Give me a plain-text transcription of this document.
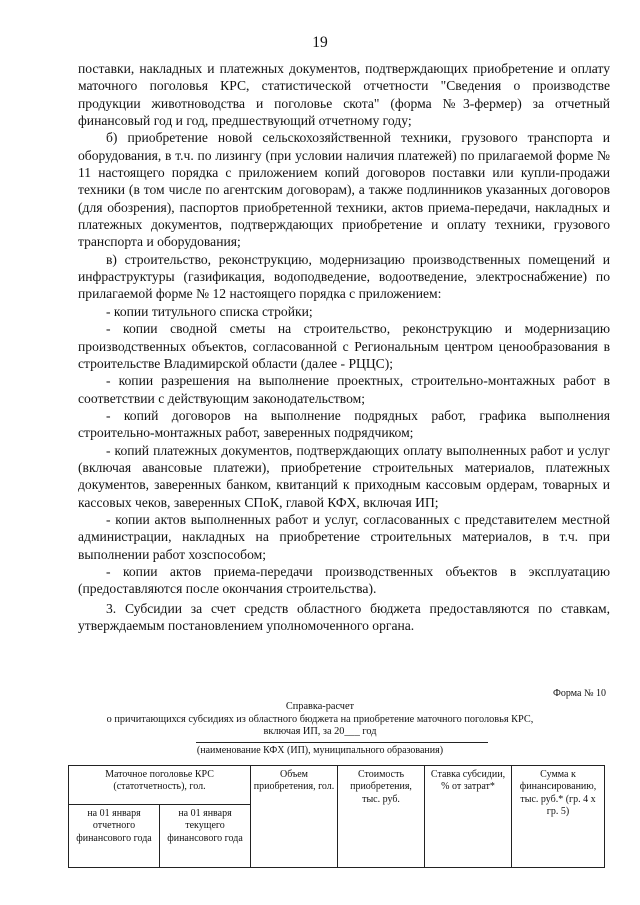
19

поставки, накладных и платежных документов, подтверждающих приобретение и оплату маточного поголовья КРС, статистической отчетности "Сведения о производстве продукции животноводства и поголовье скота" (форма №3-фермер) за отчетный финансовый год и год, предшествующий отчетному году;

б) приобретение новой сельскохозяйственной техники, грузового транспорта и оборудования, в т.ч. по лизингу (при условии наличия платежей) по прилагаемой форме № 11 настоящего порядка с приложением копий договоров поставки или купли-продажи техники (в том числе по агентским договорам), а также подлинников указанных договоров (для обозрения), паспортов приобретенной техники, актов приема-передачи, накладных и платежных документов, подтверждающих приобретение и оплату техники, грузового транспорта и оборудования;

в) строительство, реконструкцию, модернизацию производственных помещений и инфраструктуры (газификация, водоподведение, водоотведение, электроснабжение) по прилагаемой форме № 12 настоящего порядка с приложением:

- копии титульного списка стройки;

- копии сводной сметы на строительство, реконструкцию и модернизацию производственных объектов, согласованной с Региональным центром ценообразования в строительстве Владимирской области (далее - РЦЦС);

- копии разрешения на выполнение проектных, строительно-монтажных работ в соответствии с действующим законодательством;

- копий договоров на выполнение подрядных работ, графика выполнения строительно-монтажных работ, заверенных подрядчиком;

- копий платежных документов, подтверждающих оплату выполненных работ и услуг (включая авансовые платежи), приобретение строительных материалов, платежных документов, заверенных банком, квитанций к приходным кассовым ордерам, товарных и кассовых чеков, заверенных СПоК, главой КФХ, включая ИП;

- копии актов выполненных работ и услуг, согласованных с представителем местной администрации, накладных на приобретение строительных материалов, в т.ч. при выполнении работ хозспособом;

- копии актов приема-передачи производственных объектов в эксплуатацию (предоставляются после окончания строительства).

3. Субсидии за счет средств областного бюджета предоставляются по ставкам, утверждаемым постановлением уполномоченного органа.

Форма № 10
Справка-расчет
о причитающихся субсидиях из областного бюджета на приобретение маточного поголовья КРС,
включая ИП, за 20___ год
(наименование КФХ (ИП), муниципального образования)
Маточное поголовье КРС (статотчетность), гол.		Объем приобретения, гол.	Стоимость приобретения, тыс. руб.	Ставка субсидии, % от затрат*	Сумма к финансированию, тыс. руб.* (гр. 4 х гр. 5)
на 01 января отчетного финансового года	на 01 января текущего финансового года				
